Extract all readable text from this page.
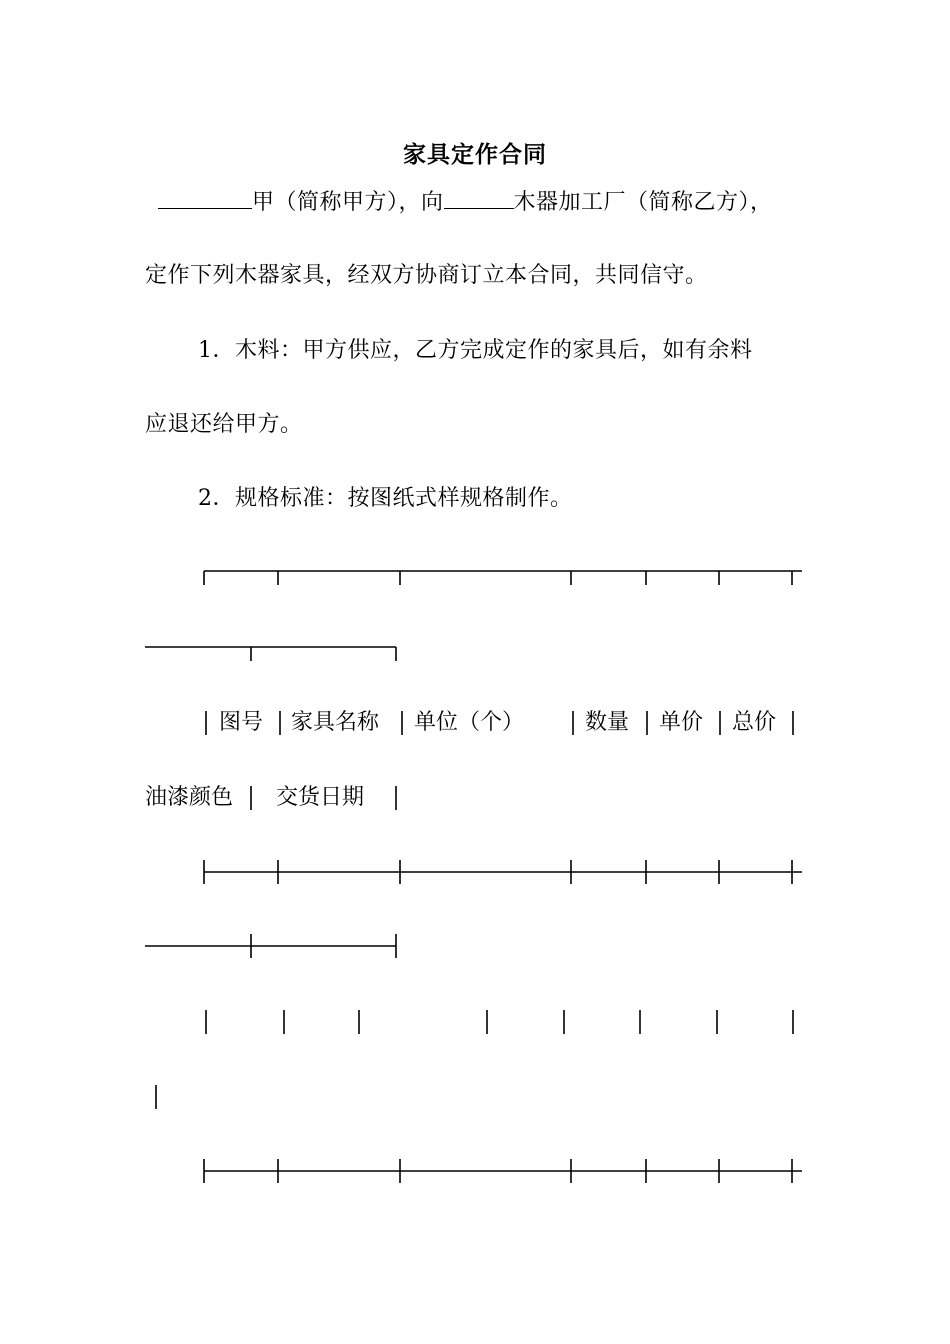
家具定作合同
甲（简称甲方），向	木器加工厂（简称乙方），
定作下列木器家具，经双方协商订立本合同，共同信守。
1．木料：甲方供应，乙方完成定作的家具后，如有余料
应退还给甲方。
2．规格标准：按图纸式样规格制作。
图号 家具名称 单位（个）	数量 单价 总价
油漆颜色 交货日期
